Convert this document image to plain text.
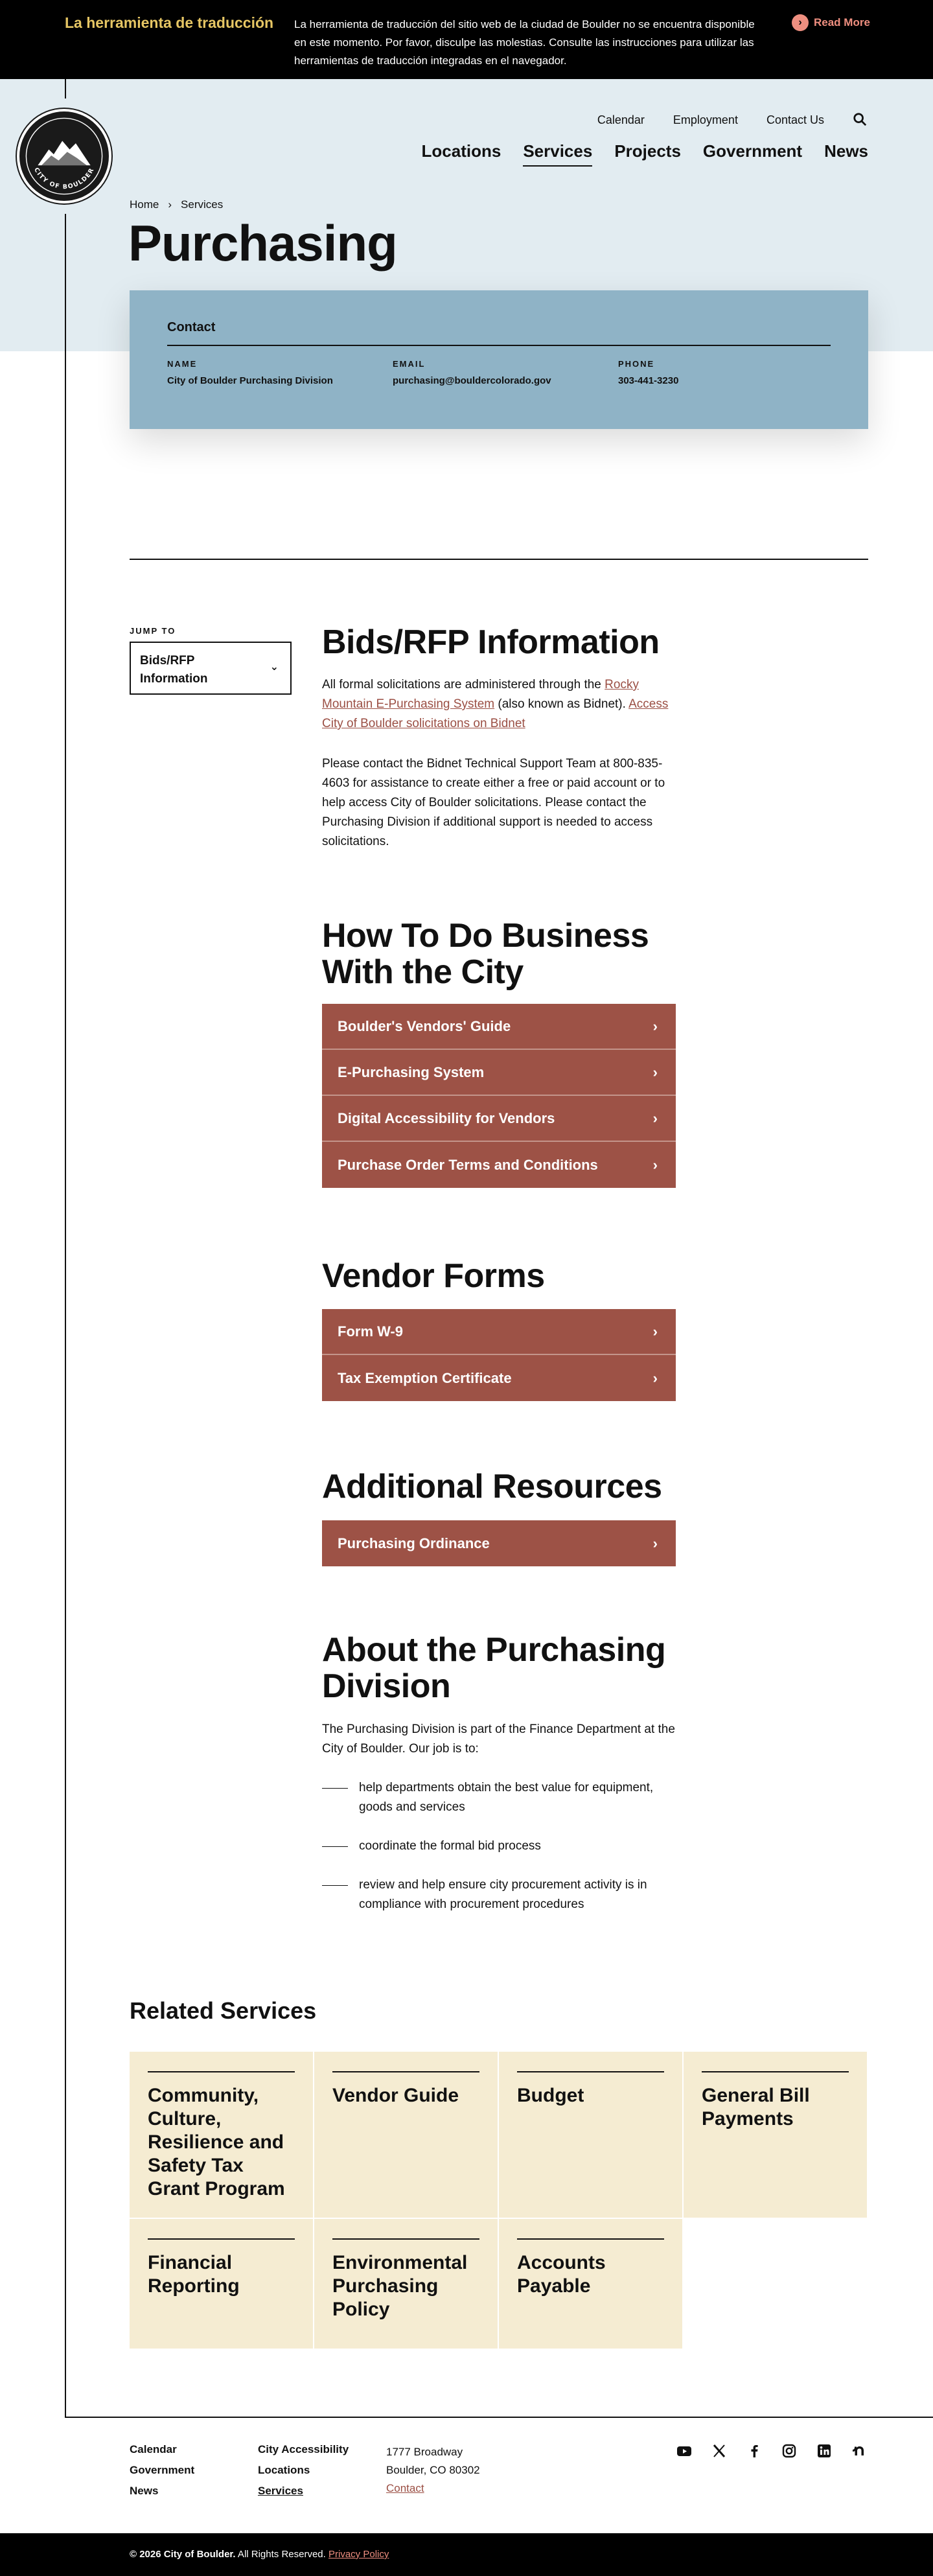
La herramienta de traducción La herramienta de traducción del sitio web de la ciudad de Boulder no se encuentra disponible en este momento. Por favor, disculpe las molestias. Consulte las instrucciones para utilizar las herramientas de traducción integradas en el navegador.
›	Read More
CITY OF BOULDER
Calendar Employment Contact Us
Locations Services Projects Government News
Home › Services
Purchasing
Contact
NAME
City of Boulder Purchasing Division
EMAIL
purchasing@bouldercolorado.gov
PHONE
303-441-3230
JUMP TO
Bids/RFP Information
⌄
Bids/RFP Information

All formal solicitations are administered through the Rocky Mountain E-Purchasing System (also known as Bidnet). Access City of Boulder solicitations on Bidnet

Please contact the Bidnet Technical Support Team at 800-835-4603 for assistance to create either a free or paid account or to help access City of Boulder solicitations. Please contact the Purchasing Division if additional support is needed to access solicitations.

How To Do Business With the City
Boulder's Vendors' Guide	›
E-Purchasing System	›
Digital Accessibility for Vendors	›
Purchase Order Terms and Conditions	›
Vendor Forms
Form W-9	›
Tax Exemption Certificate	›
Additional Resources
Purchasing Ordinance	›
About the Purchasing Division

The Purchasing Division is part of the Finance Department at the City of Boulder. Our job is to:

help departments obtain the best value for equipment, goods and services
coordinate the formal bid process
review and help ensure city procurement activity is in compliance with procurement procedures
Related Services
Community, Culture, Resilience and Safety Tax Grant Program
Vendor Guide	Budget	General Bill Payments
Financial Reporting
Environmental Purchasing Policy
Accounts Payable
Calendar
Government
News
City Accessibility
Locations
Services
1777 Broadway
Boulder, CO 80302
Contact
© 2026 City of Boulder. All Rights Reserved. Privacy Policy
